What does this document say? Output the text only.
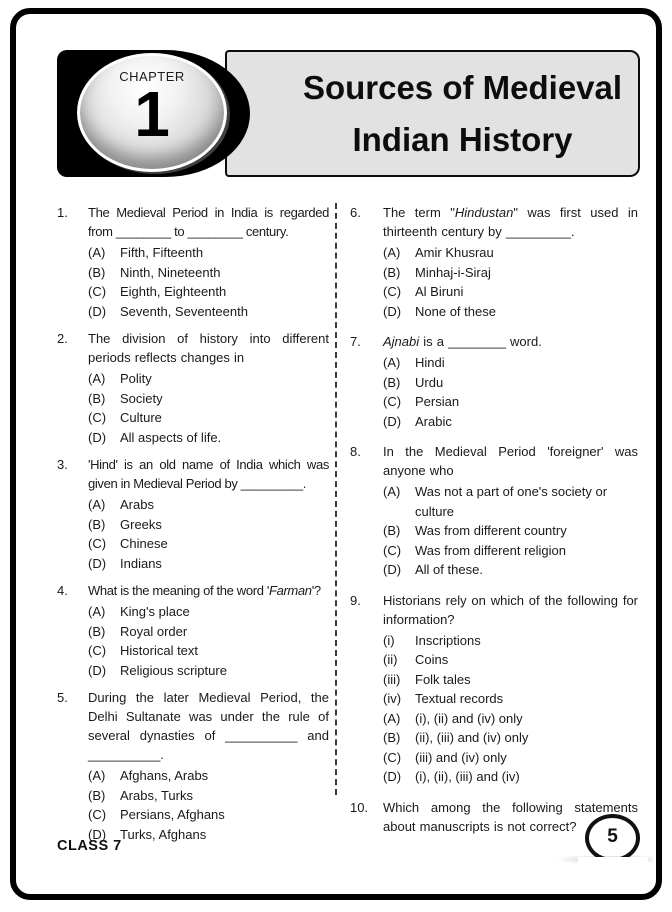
Sources of Medieval
Indian History
CHAPTER
1
1.	The Medieval Period in India is regarded from ________ to ________ century.
(A)	Fifth, Fifteenth
(B)	Ninth, Nineteenth
(C)	Eighth, Eighteenth
(D)	Seventh, Seventeenth
2.	The division of history into different periods reflects changes in
(A)	Polity
(B)	Society
(C)	Culture
(D)	All aspects of life.
3.	'Hind' is an old name of India which was given in Medieval Period by _________.
(A)	Arabs
(B)	Greeks
(C)	Chinese
(D)	Indians
4.	What is the meaning of the word 'Farman'?
(A)	King's place
(B)	Royal order
(C)	Historical text
(D)	Religious scripture
5.	During the later Medieval Period, the Delhi Sultanate was under the rule of several dynasties of __________ and __________.
(A)	Afghans, Arabs
(B)	Arabs, Turks
(C)	Persians, Afghans
(D)	Turks, Afghans
6.	The term "Hindustan" was first used in thirteenth century by _________.
(A)	Amir Khusrau
(B)	Minhaj-i-Siraj
(C)	Al Biruni
(D)	None of these
7.	Ajnabi is a ________ word.
(A)	Hindi
(B)	Urdu
(C)	Persian
(D)	Arabic
8.	In the Medieval Period 'foreigner' was anyone who
(A)	Was not a part of one's society or culture
(B)	Was from different country
(C)	Was from different religion
(D)	All of these.
9.	Historians rely on which of the following for information?
(i)	Inscriptions
(ii)	Coins
(iii)	Folk tales
(iv)	Textual records
(A)	(i), (ii) and (iv) only
(B)	(ii), (iii) and (iv) only
(C)	(iii) and (iv) only
(D)	(i), (ii), (iii) and (iv)
10.	Which among the following statements about manuscripts is not correct?
CLASS 7	5
